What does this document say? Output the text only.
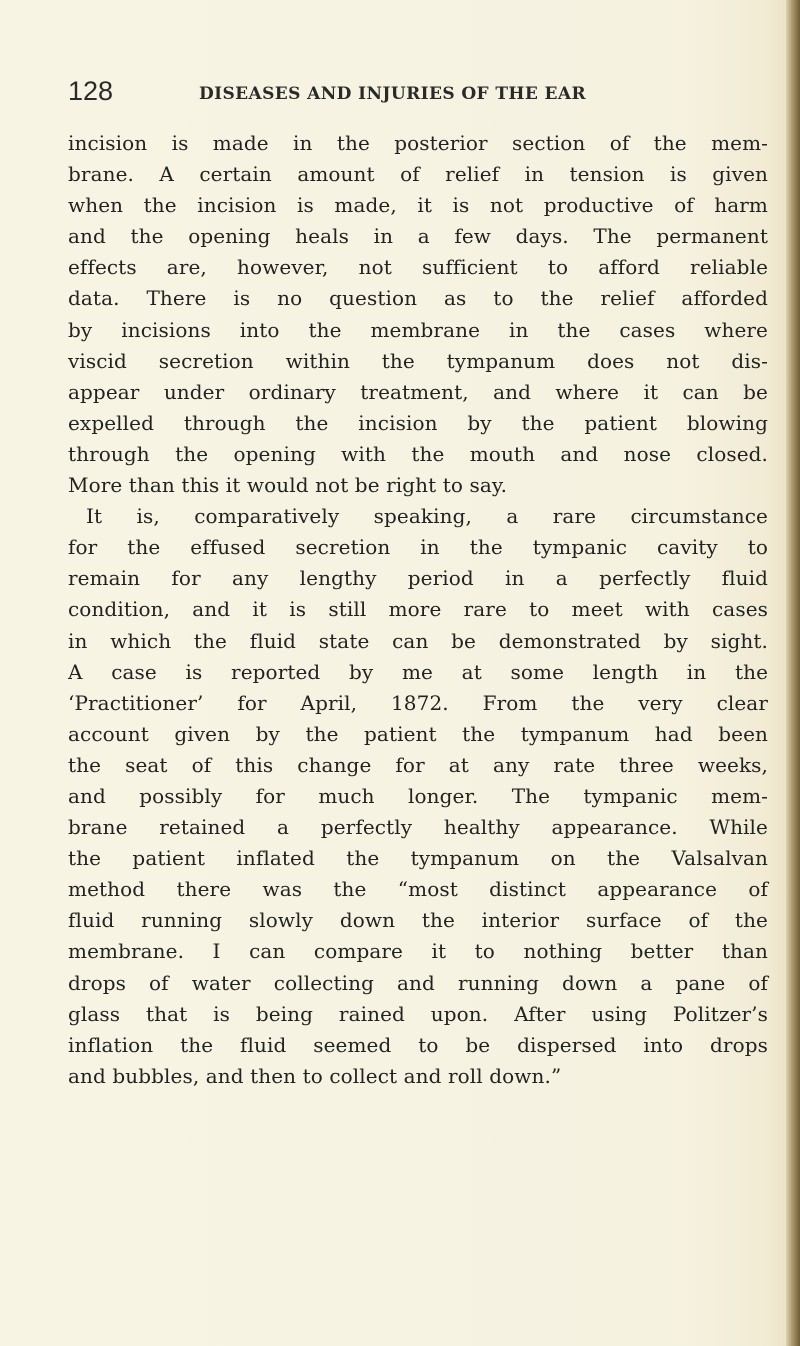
128	DISEASES AND INJURIES OF THE EAR
incision is made in the posterior section of the mem-
brane. A certain amount of relief in tension is given
when the incision is made, it is not productive of harm
and the opening heals in a few days. The permanent
effects are, however, not sufficient to afford reliable
data. There is no question as to the relief afforded
by incisions into the membrane in the cases where
viscid secretion within the tympanum does not dis-
appear under ordinary treatment, and where it can be
expelled through the incision by the patient blowing
through the opening with the mouth and nose closed.
More than this it would not be right to say.
It is, comparatively speaking, a rare circumstance
for the effused secretion in the tympanic cavity to
remain for any lengthy period in a perfectly fluid
condition, and it is still more rare to meet with cases
in which the fluid state can be demonstrated by sight.
A case is reported by me at some length in the
‘Practitioner’ for April, 1872. From the very clear
account given by the patient the tympanum had been
the seat of this change for at any rate three weeks,
and possibly for much longer. The tympanic mem-
brane retained a perfectly healthy appearance. While
the patient inflated the tympanum on the Valsalvan
method there was the “most distinct appearance of
fluid running slowly down the interior surface of the
membrane. I can compare it to nothing better than
drops of water collecting and running down a pane of
glass that is being rained upon. After using Politzer’s
inflation the fluid seemed to be dispersed into drops
and bubbles, and then to collect and roll down.”
